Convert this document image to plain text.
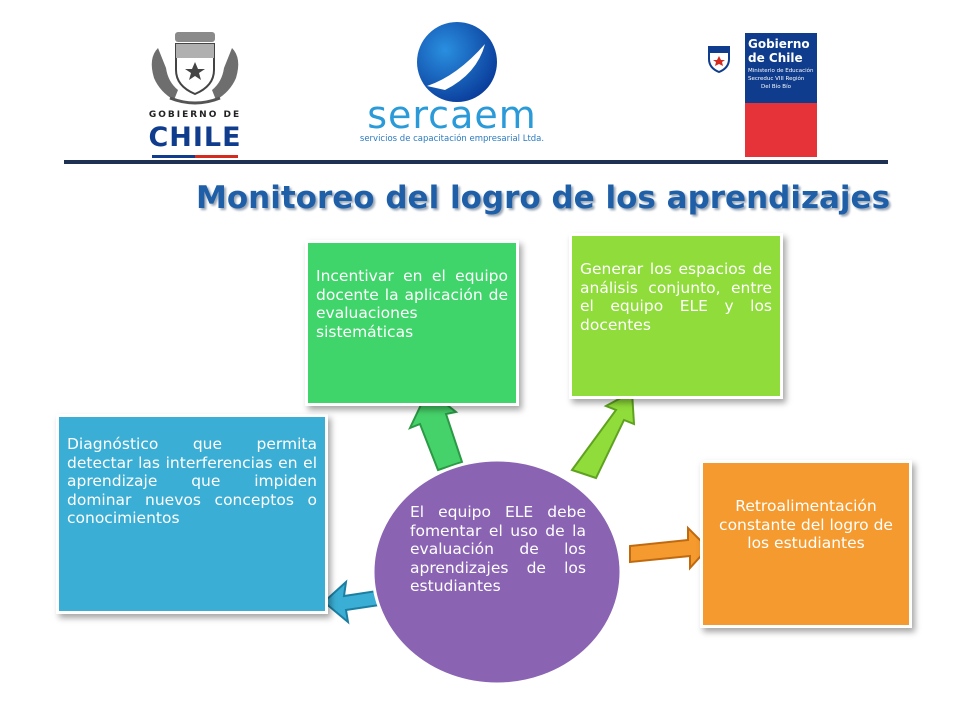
GOBIERNO DE
CHILE
sercaem
servicios de capacitación empresarial Ltda.
Gobierno
de Chile
Ministerio de Educación
Secreduc VIII Región
Del Bío Bío
Monitoreo del logro de los aprendizajes
El equipo ELE debe fomentar el uso de la evaluación de los aprendizajes de los estudiantes
Diagnóstico que permita detectar las interferencias en el aprendizaje que impiden dominar nuevos conceptos o conocimientos
Incentivar en el equipo docente la aplicación de evaluaciones sistemáticas
Generar los espacios de análisis conjunto, entre el equipo ELE y los docentes
Retroalimentación constante del logro de los estudiantes
